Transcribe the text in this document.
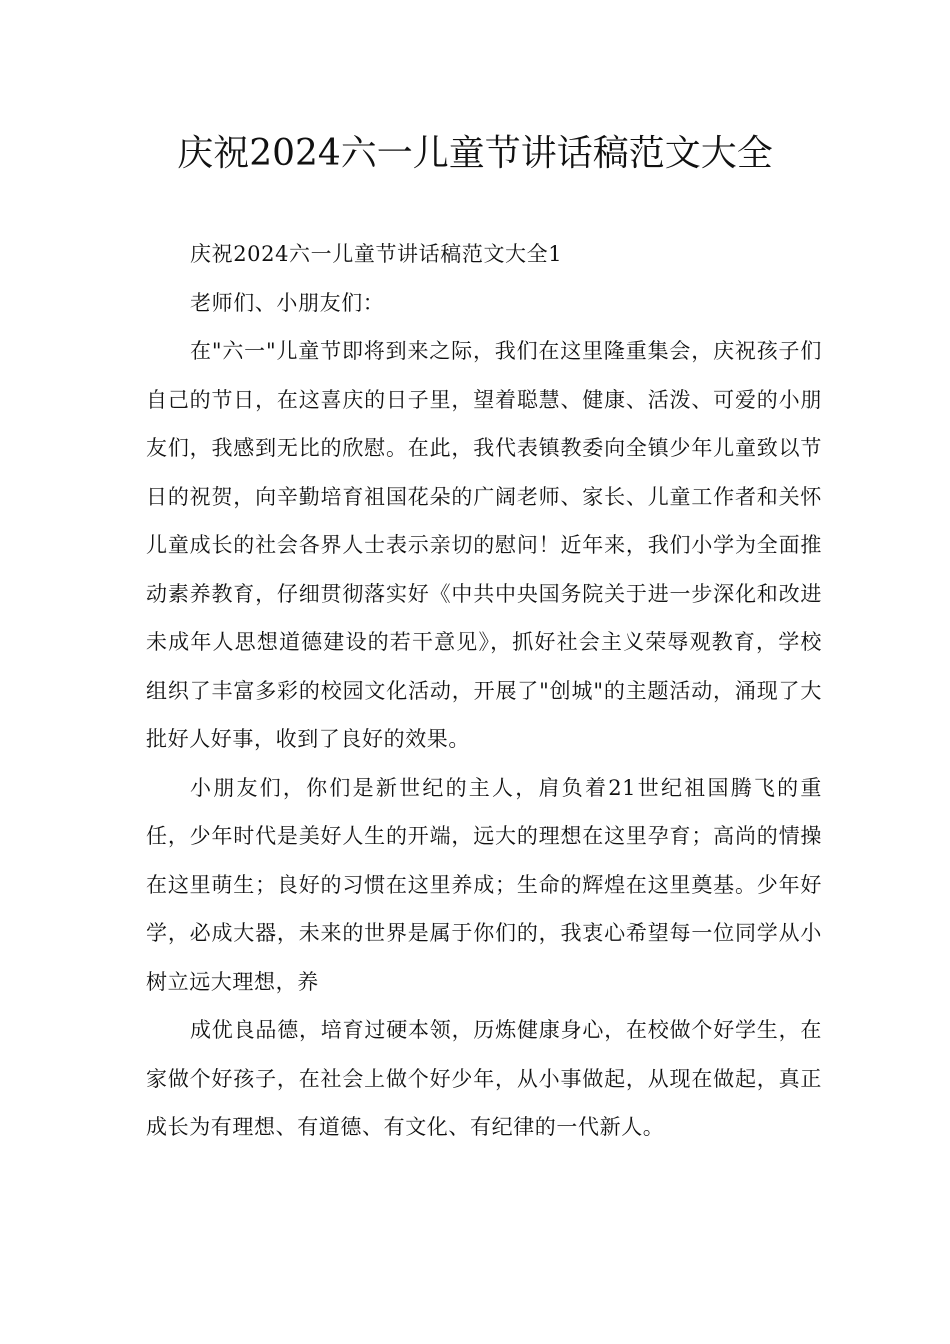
庆祝2024六一儿童节讲话稿范文大全

庆祝2024六一儿童节讲话稿范文大全1

老师们、小朋友们：

在"六一"儿童节即将到来之际，我们在这里隆重集会，庆祝孩子们自己的节日，在这喜庆的日子里，望着聪慧、健康、活泼、可爱的小朋友们，我感到无比的欣慰。在此，我代表镇教委向全镇少年儿童致以节日的祝贺，向辛勤培育祖国花朵的广阔老师、家长、儿童工作者和关怀儿童成长的社会各界人士表示亲切的慰问！近年来，我们小学为全面推动素养教育，仔细贯彻落实好《中共中央国务院关于进一步深化和改进未成年人思想道德建设的若干意见》，抓好社会主义荣辱观教育，学校组织了丰富多彩的校园文化活动，开展了"创城"的主题活动，涌现了大批好人好事，收到了良好的效果。

小朋友们，你们是新世纪的主人，肩负着21世纪祖国腾飞的重任，少年时代是美好人生的开端，远大的理想在这里孕育；高尚的情操在这里萌生；良好的习惯在这里养成；生命的辉煌在这里奠基。少年好学，必成大器，未来的世界是属于你们的，我衷心希望每一位同学从小树立远大理想，养

成优良品德，培育过硬本领，历炼健康身心，在校做个好学生，在家做个好孩子，在社会上做个好少年，从小事做起，从现在做起，真正成长为有理想、有道德、有文化、有纪律的一代新人。
